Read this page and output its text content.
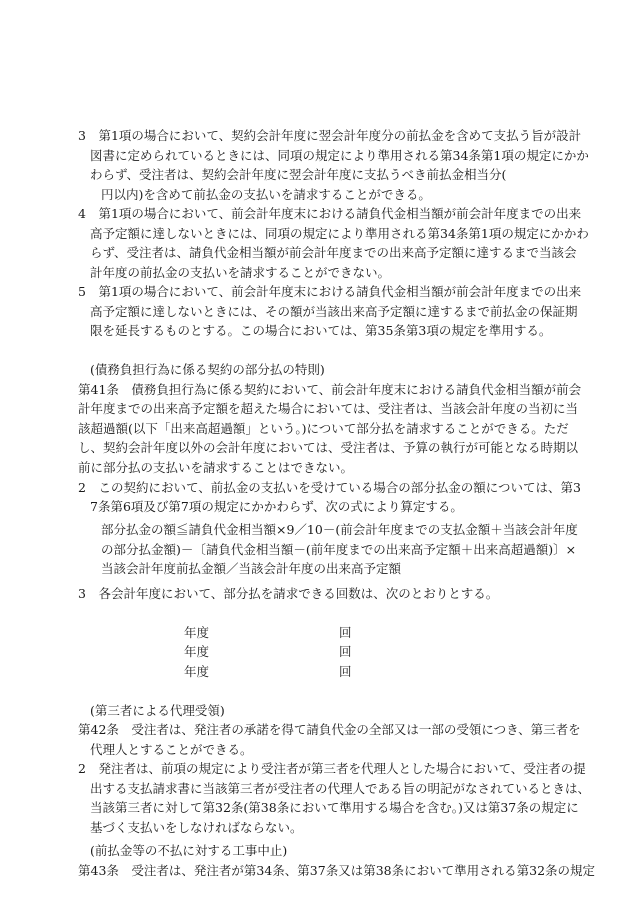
3　第1項の場合において、契約会計年度に翌会計年度分の前払金を含めて支払う旨が設計
図書に定められているときには、同項の規定により準用される第34条第1項の規定にかか
わらず、受注者は、契約会計年度に翌会計年度に支払うべき前払金相当分(
円以内)を含めて前払金の支払いを請求することができる。
4　第1項の場合において、前会計年度末における請負代金相当額が前会計年度までの出来
高予定額に達しないときには、同項の規定により準用される第34条第1項の規定にかかわ
らず、受注者は、請負代金相当額が前会計年度までの出来高予定額に達するまで当該会
計年度の前払金の支払いを請求することができない。
5　第1項の場合において、前会計年度末における請負代金相当額が前会計年度までの出来
高予定額に達しないときには、その額が当該出来高予定額に達するまで前払金の保証期
限を延長するものとする。この場合においては、第35条第3項の規定を準用する。
(債務負担行為に係る契約の部分払の特則)
第41条　債務負担行為に係る契約において、前会計年度末における請負代金相当額が前会
計年度までの出来高予定額を超えた場合においては、受注者は、当該会計年度の当初に当
該超過額(以下「出来高超過額」という。)について部分払を請求することができる。ただ
し、契約会計年度以外の会計年度においては、受注者は、予算の執行が可能となる時期以
前に部分払の支払いを請求することはできない。
2　この契約において、前払金の支払いを受けている場合の部分払金の額については、第3
7条第6項及び第7項の規定にかかわらず、次の式により算定する。
部分払金の額≦請負代金相当額×9／10－(前会計年度までの支払金額＋当該会計年度
の部分払金額)－〔請負代金相当額－(前年度までの出来高予定額＋出来高超過額)〕×
当該会計年度前払金額／当該会計年度の出来高予定額
3　各会計年度において、部分払を請求できる回数は、次のとおりとする。
年度	回
年度	回
年度	回
(第三者による代理受領)
第42条　受注者は、発注者の承諾を得て請負代金の全部又は一部の受領につき、第三者を
代理人とすることができる。
2　発注者は、前項の規定により受注者が第三者を代理人とした場合において、受注者の提
出する支払請求書に当該第三者が受注者の代理人である旨の明記がなされているときは、
当該第三者に対して第32条(第38条において準用する場合を含む。)又は第37条の規定に
基づく支払いをしなければならない。
(前払金等の不払に対する工事中止)
第43条　受注者は、発注者が第34条、第37条又は第38条において準用される第32条の規定
